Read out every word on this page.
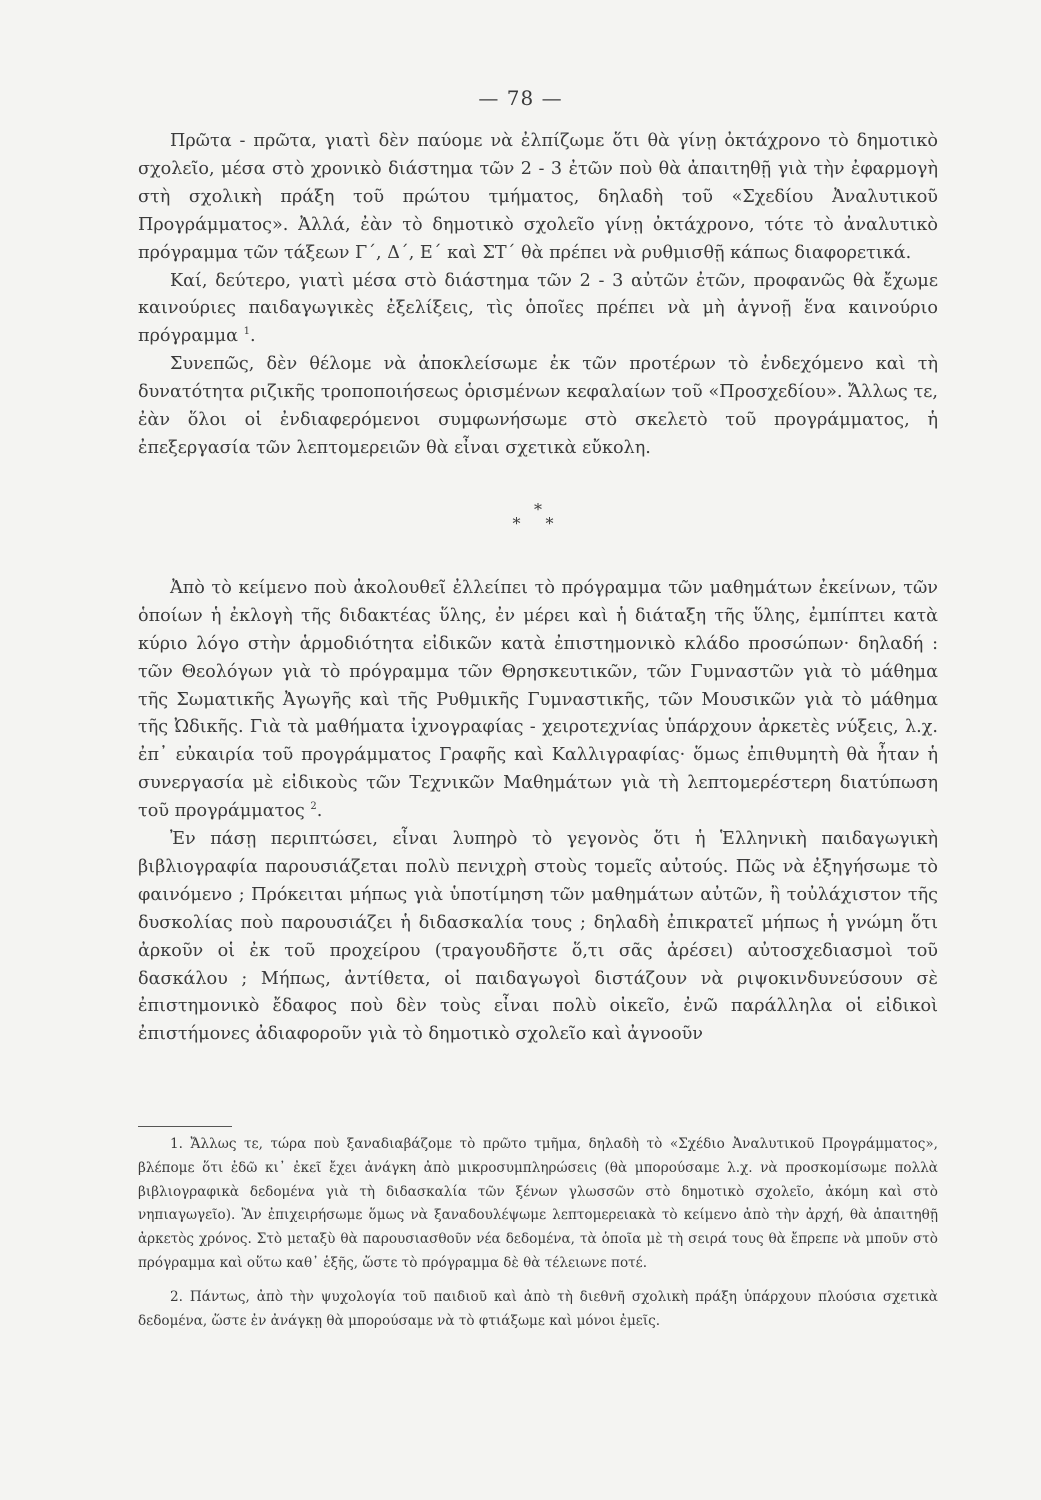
— 78 —

Πρῶτα - πρῶτα, γιατὶ δὲν παύομε νὰ ἐλπίζωμε ὅτι θὰ γίνῃ ὀκτάχρονο τὸ δημοτικὸ σχολεῖο, μέσα στὸ χρονικὸ διάστημα τῶν 2 - 3 ἐτῶν ποὺ θὰ ἀπαιτηθῇ γιὰ τὴν ἐφαρμογὴ στὴ σχολικὴ πράξη τοῦ πρώτου τμήματος, δηλαδὴ τοῦ «Σχεδίου Ἀναλυτικοῦ Προγράμματος». Ἀλλά, ἐὰν τὸ δημοτικὸ σχολεῖο γίνῃ ὀκτάχρονο, τότε τὸ ἀναλυτικὸ πρόγραμμα τῶν τάξεων Γ΄, Δ΄, Ε΄ καὶ ΣΤ΄ θὰ πρέπει νὰ ρυθμισθῇ κάπως διαφορετικά.

Καί, δεύτερο, γιατὶ μέσα στὸ διάστημα τῶν 2 - 3 αὐτῶν ἐτῶν, προφανῶς θὰ ἔχωμε καινούριες παιδαγωγικὲς ἐξελίξεις, τὶς ὁποῖες πρέπει νὰ μὴ ἀγνοῇ ἕνα καινούριο πρόγραμμα $^1$.

Συνεπῶς, δὲν θέλομε νὰ ἀποκλείσωμε ἐκ τῶν προτέρων τὸ ἐνδεχόμενο καὶ τὴ δυνατότητα ριζικῆς τροποποιήσεως ὁρισμένων κεφαλαίων τοῦ «Προσχεδίου». Ἄλλως τε, ἐὰν ὅλοι οἱ ἐνδιαφερόμενοι συμφωνήσωμε στὸ σκελετὸ τοῦ προγράμματος, ἡ ἐπεξεργασία τῶν λεπτομερειῶν θὰ εἶναι σχετικὰ εὔκολη.

*
* *

Ἀπὸ τὸ κείμενο ποὺ ἀκολουθεῖ ἐλλείπει τὸ πρόγραμμα τῶν μαθημάτων ἐκείνων, τῶν ὁποίων ἡ ἐκλογὴ τῆς διδακτέας ὕλης, ἐν μέρει καὶ ἡ διάταξη τῆς ὕλης, ἐμπίπτει κατὰ κύριο λόγο στὴν ἁρμοδιότητα εἰδικῶν κατὰ ἐπιστημονικὸ κλάδο προσώπων· δηλαδή : τῶν Θεολόγων γιὰ τὸ πρόγραμμα τῶν Θρησκευτικῶν, τῶν Γυμναστῶν γιὰ τὸ μάθημα τῆς Σωματικῆς Ἀγωγῆς καὶ τῆς Ρυθμικῆς Γυμναστικῆς, τῶν Μουσικῶν γιὰ τὸ μάθημα τῆς Ὠδικῆς. Γιὰ τὰ μαθήματα ἰχνογραφίας - χειροτεχνίας ὑπάρχουν ἀρκετὲς νύξεις, λ.χ. ἐπ᾽ εὐκαιρία τοῦ προγράμματος Γραφῆς καὶ Καλλιγραφίας· ὅμως ἐπιθυμητὴ θὰ ἦταν ἡ συνεργασία μὲ εἰδικοὺς τῶν Τεχνικῶν Μαθημάτων γιὰ τὴ λεπτομερέστερη διατύπωση τοῦ προγράμματος $^2$.

Ἐν πάσῃ περιπτώσει, εἶναι λυπηρὸ τὸ γεγονὸς ὅτι ἡ Ἑλληνικὴ παιδαγωγικὴ βιβλιογραφία παρουσιάζεται πολὺ πενιχρὴ στοὺς τομεῖς αὐτούς. Πῶς νὰ ἐξηγήσωμε τὸ φαινόμενο ; Πρόκειται μήπως γιὰ ὑποτίμηση τῶν μαθημάτων αὐτῶν, ἢ τοὐλάχιστον τῆς δυσκολίας ποὺ παρουσιάζει ἡ διδασκαλία τους ; δηλαδὴ ἐπικρατεῖ μήπως ἡ γνώμη ὅτι ἀρκοῦν οἱ ἐκ τοῦ προχείρου (τραγουδῆστε ὅ,τι σᾶς ἀρέσει) αὐτοσχεδιασμοὶ τοῦ δασκάλου ; Μήπως, ἀντίθετα, οἱ παιδαγωγοὶ διστάζουν νὰ ριψοκινδυνεύσουν σὲ ἐπιστημονικὸ ἔδαφος ποὺ δὲν τοὺς εἶναι πολὺ οἰκεῖο, ἐνῶ παράλληλα οἱ εἰδικοὶ ἐπιστήμονες ἀδιαφοροῦν γιὰ τὸ δημοτικὸ σχολεῖο καὶ ἀγνοοῦν

1. Ἄλλως τε, τώρα ποὺ ξαναδιαβάζομε τὸ πρῶτο τμῆμα, δηλαδὴ τὸ «Σχέδιο Ἀναλυτικοῦ Προγράμματος», βλέπομε ὅτι ἐδῶ κι᾽ ἐκεῖ ἔχει ἀνάγκη ἀπὸ μικροσυμπληρώσεις (θὰ μπορούσαμε λ.χ. νὰ προσκομίσωμε πολλὰ βιβλιογραφικὰ δεδομένα γιὰ τὴ διδασκαλία τῶν ξένων γλωσσῶν στὸ δημοτικὸ σχολεῖο, ἀκόμη καὶ στὸ νηπιαγωγεῖο). Ἂν ἐπιχειρήσωμε ὅμως νὰ ξαναδουλέψωμε λεπτομερειακὰ τὸ κείμενο ἀπὸ τὴν ἀρχή, θὰ ἀπαιτηθῇ ἀρκετὸς χρόνος. Στὸ μεταξὺ θὰ παρουσιασθοῦν νέα δεδομένα, τὰ ὁποῖα μὲ τὴ σειρά τους θὰ ἔπρεπε νὰ μποῦν στὸ πρόγραμμα καὶ οὕτω καθ᾽ ἑξῆς, ὥστε τὸ πρόγραμμα δὲ θὰ τέλειωνε ποτέ.

2. Πάντως, ἀπὸ τὴν ψυχολογία τοῦ παιδιοῦ καὶ ἀπὸ τὴ διεθνῆ σχολικὴ πράξη ὑπάρχουν πλούσια σχετικὰ δεδομένα, ὥστε ἐν ἀνάγκῃ θὰ μπορούσαμε νὰ τὸ φτιάξωμε καὶ μόνοι ἐμεῖς.
